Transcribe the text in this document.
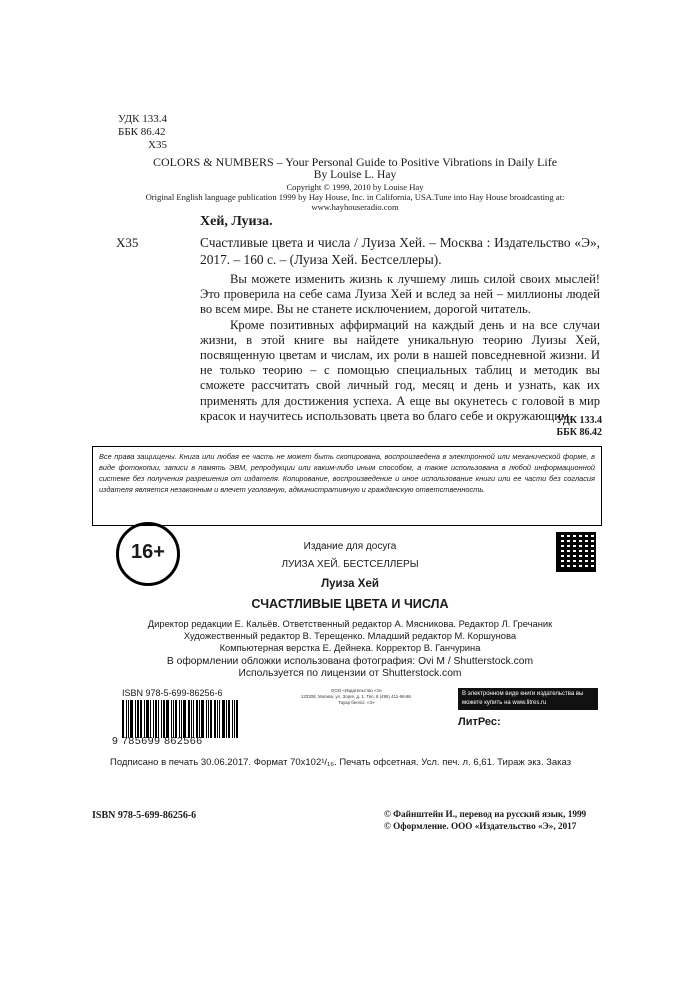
УДК 133.4
ББК 86.42
Х35
COLORS & NUMBERS – Your Personal Guide to Positive Vibrations in Daily Life
By Louise L. Hay
Copyright © 1999, 2010 by Louise Hay
Original English language publication 1999 by Hay House, Inc. in California, USA.Tune into Hay House broadcasting at:
www.hayhouseradio.com
Хей, Луиза.
Х35	Счастливые цвета и числа / Луиза Хей. – Москва : Издательство «Э», 2017. – 160 с. – (Луиза Хей. Бестселлеры).

Вы можете изменить жизнь к лучшему лишь силой своих мыслей! Это проверила на себе сама Луиза Хей и вслед за ней – миллионы людей во всем мире. Вы не станете исключением, дорогой читатель.

Кроме позитивных аффирмаций на каждый день и на все случаи жизни, в этой книге вы найдете уникальную теорию Луизы Хей, посвященную цветам и числам, их роли в нашей повседневной жизни. И не только теорию – с помощью специальных таблиц и методик вы сможете рассчитать свой личный год, месяц и день и узнать, как их применять для достижения успеха. А еще вы окунетесь с головой в мир красок и научитесь использовать цвета во благо себе и окружающим.

УДК 133.4
ББК 86.42
Все права защищены. Книга или любая ее часть не может быть скопирована, воспроизведена в электронной или механической форме, в виде фотокопии, записи в память ЭВМ, репродукции или каким-либо иным способом, а также использована в любой информационной системе без получения разрешения от издателя. Копирование, воспроизведение и иное использование книги или ее части без согласия издателя является незаконным и влечет уголовную, административную и гражданскую ответственность.
16+	Издание для досуга
ЛУИЗА ХЕЙ. БЕСТСЕЛЛЕРЫ
Луиза Хей
СЧАСТЛИВЫЕ ЦВЕТА И ЧИСЛА
Директор редакции Е. Кальёв. Ответственный редактор А. Мясникова. Редактор Л. Гречаник
Художественный редактор В. Терещенко. Младший редактор М. Коршунова
Компьютерная верстка Е. Дейнека. Корректор В. Ганчурина
В оформлении обложки использована фотография: Ovi M / Shutterstock.com
Используется по лицензии от Shutterstock.com
ISBN 978-5-699-86256-6
9 785699 862566
ООО «Издательство «Э»
123308, Москва, ул. Зорге, д. 1. Тел. 8 (495) 411-68-86.
Тауар белгісі: «Э»
В электронном виде книги издательства вы можете купить на www.litres.ru
ЛитРес:
Подписано в печать 30.06.2017. Формат 70x102¹/₁₆. Печать офсетная. Усл. печ. л. 6,61. Тираж экз. Заказ
ISBN 978-5-699-86256-6	© Файнштейн И., перевод на русский язык, 1999
© Оформление. ООО «Издательство «Э», 2017
